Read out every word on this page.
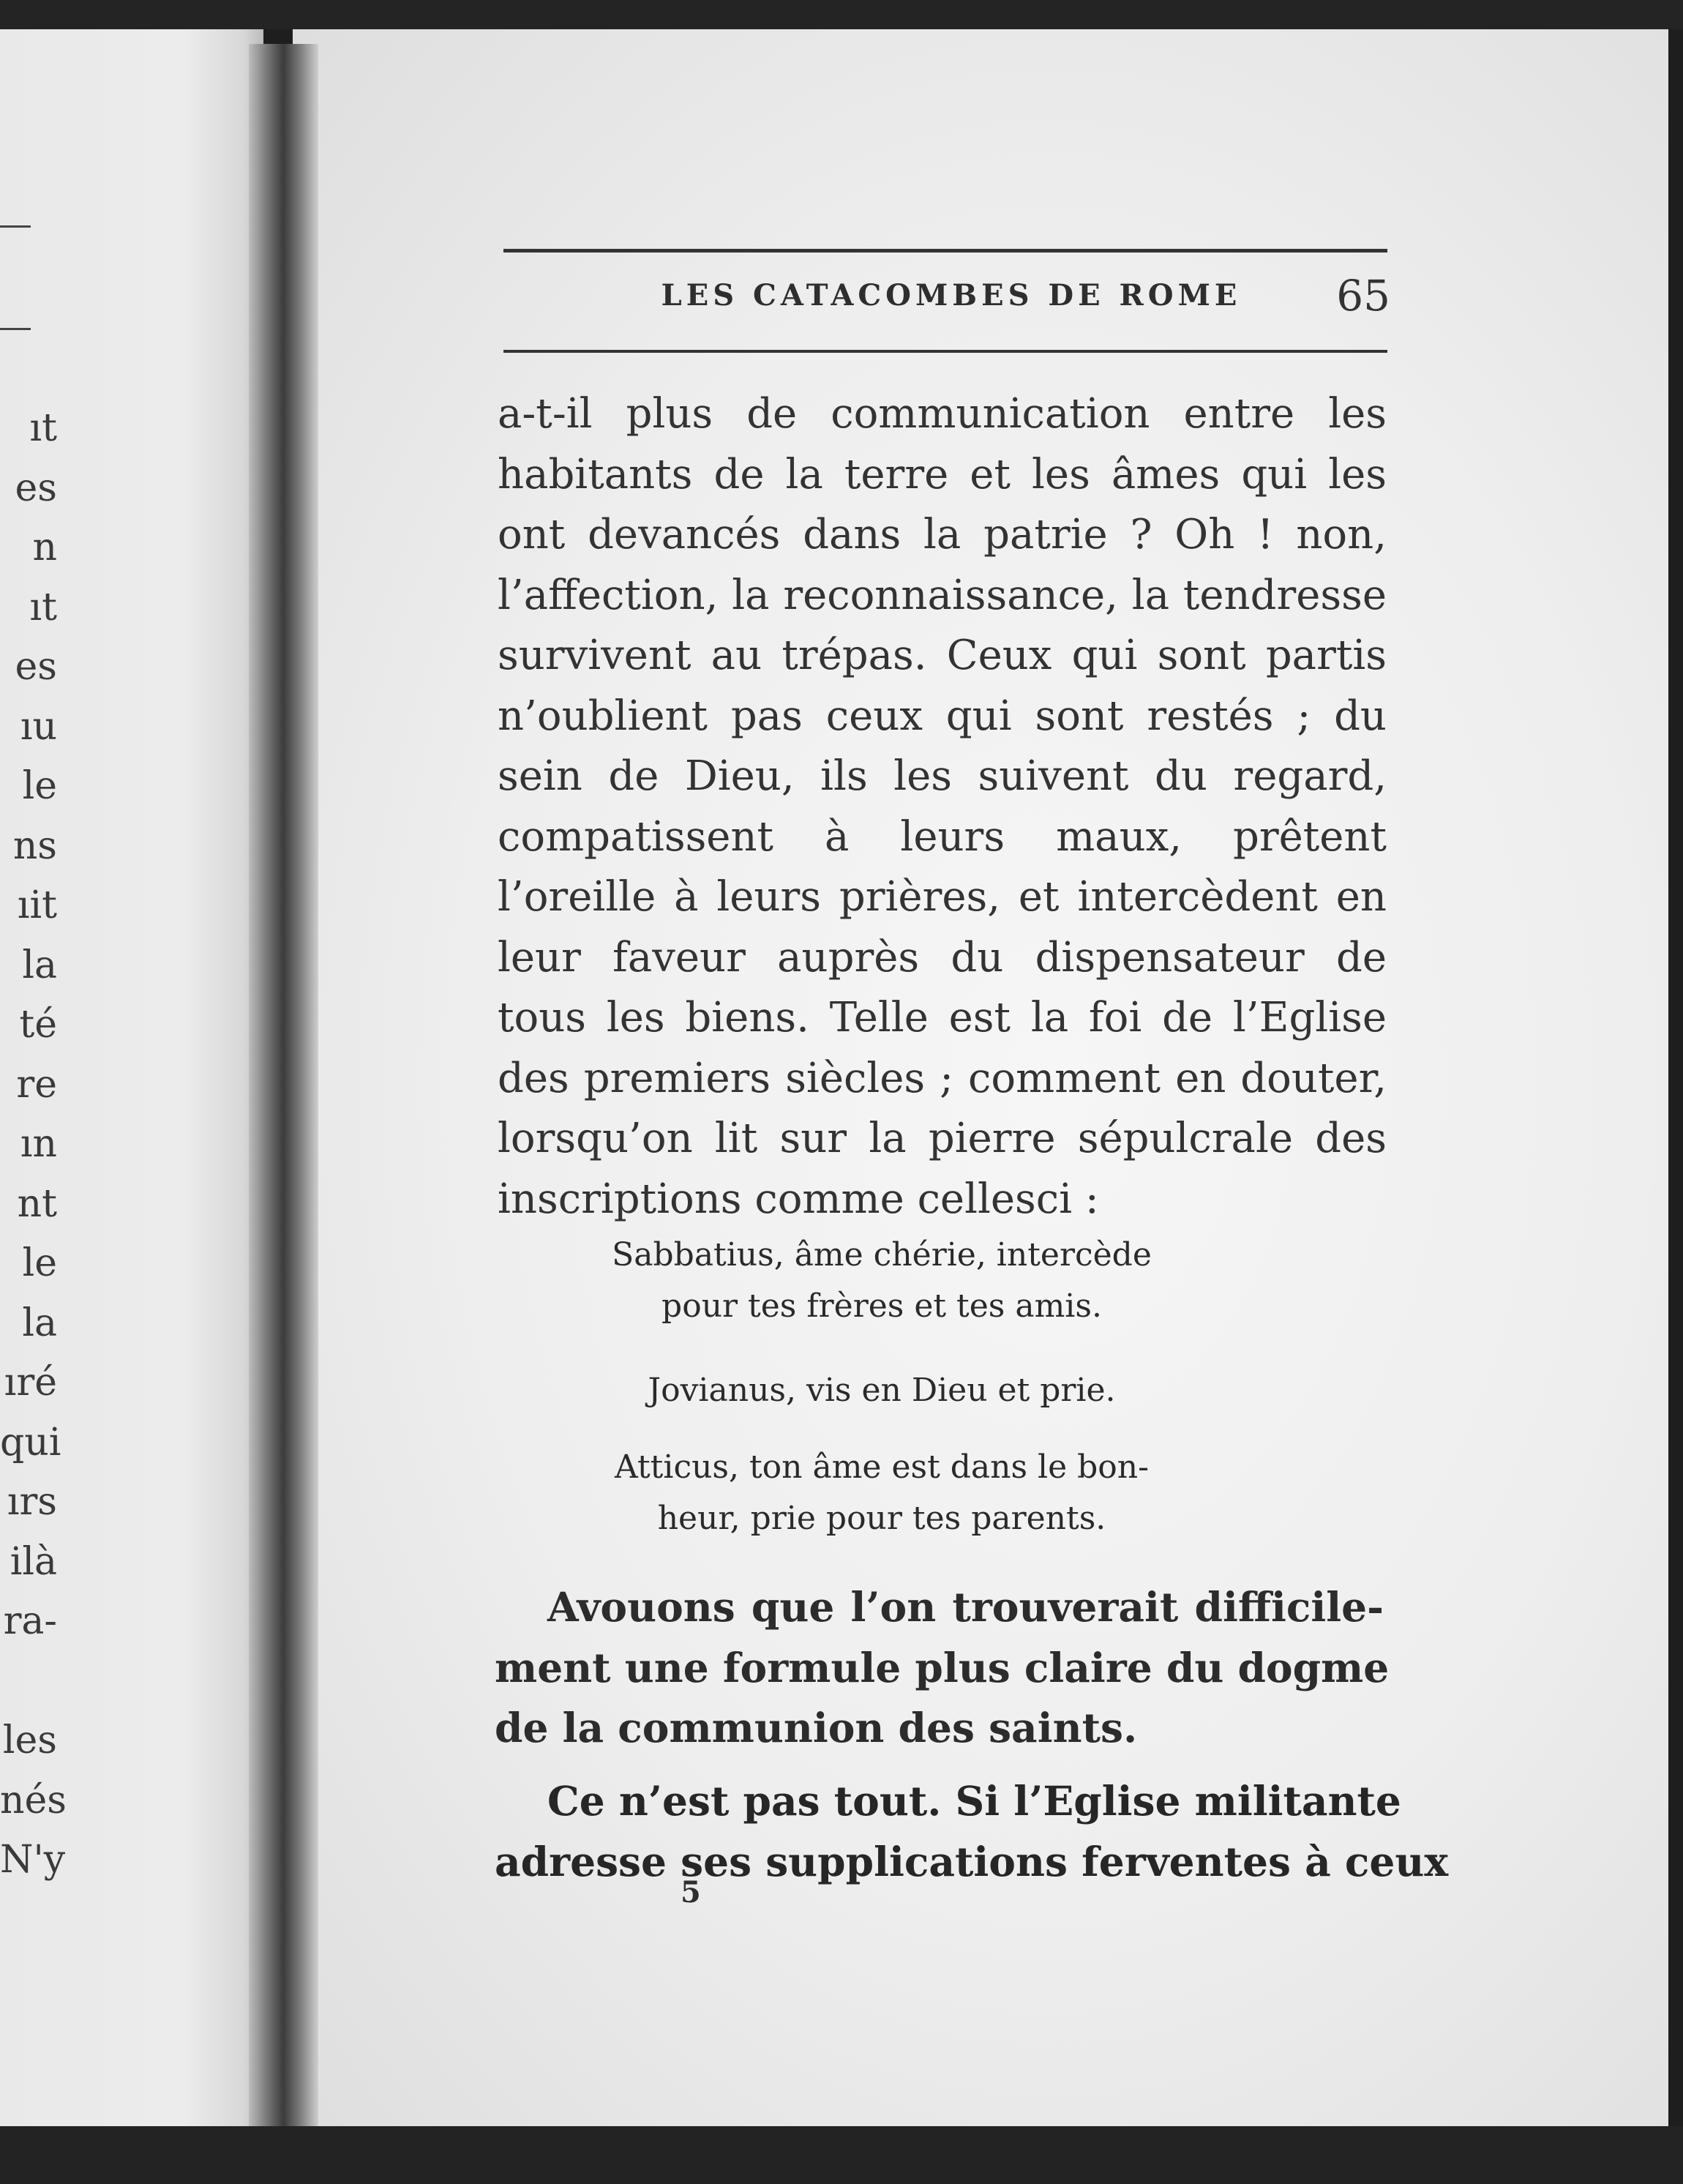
ıt
es
n
ıt
es
ıu
le
ns
ıit
la
té
re
ın
nt
le
la
ıré
qui
ırs
ilà
ra-
les
nés
N'y
LES CATACOMBES DE ROME	65

a-t-il plus de communication entre les
habitants de la terre et les âmes qui les
ont devancés dans la patrie ? Oh ! non,
l’affection, la reconnaissance, la tendresse
survivent au trépas. Ceux qui sont partis
n’oublient pas ceux qui sont restés ; du
sein de Dieu, ils les suivent du regard,
compatissent à leurs maux, prêtent
l’oreille à leurs prières, et intercèdent en
leur faveur auprès du dispensateur de
tous les biens. Telle est la foi de l’Eglise
des premiers siècles ; comment en douter,
lorsqu’on lit sur la pierre sépulcrale des
inscriptions comme cellesci :

Sabbatius, âme chérie, intercède
pour tes frères et tes amis.
Jovianus, vis en Dieu et prie.
Atticus, ton âme est dans le bon-
heur, prie pour tes parents.

Avouons que l’on trouverait difficile-
ment une formule plus claire du dogme
de la communion des saints.

Ce n’est pas tout. Si l’Eglise militante
adresse ses supplications ferventes à ceux

5
